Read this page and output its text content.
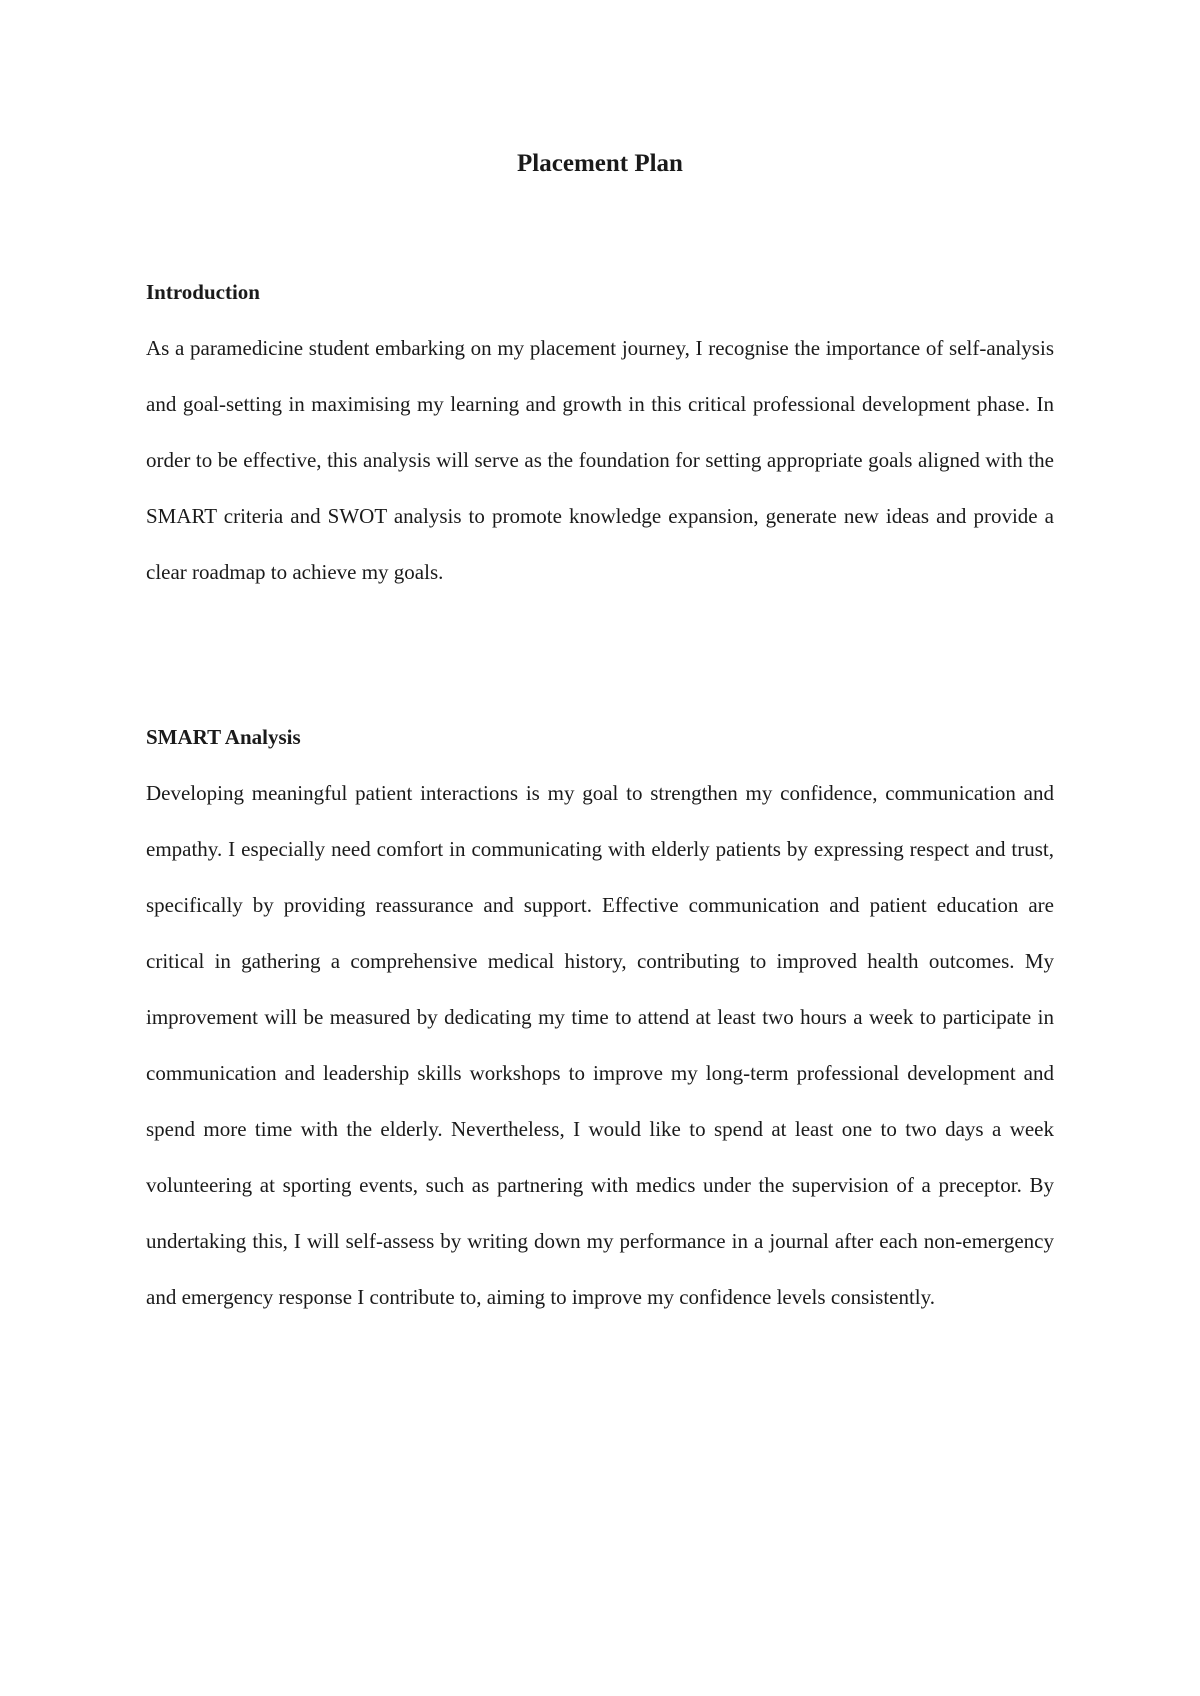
Placement Plan
Introduction

As a paramedicine student embarking on my placement journey, I recognise the importance of self-analysis and goal-setting in maximising my learning and growth in this critical professional development phase. In order to be effective, this analysis will serve as the foundation for setting appropriate goals aligned with the SMART criteria and SWOT analysis to promote knowledge expansion, generate new ideas and provide a clear roadmap to achieve my goals.

SMART Analysis

Developing meaningful patient interactions is my goal to strengthen my confidence, communication and empathy. I especially need comfort in communicating with elderly patients by expressing respect and trust, specifically by providing reassurance and support. Effective communication and patient education are critical in gathering a comprehensive medical history, contributing to improved health outcomes. My improvement will be measured by dedicating my time to attend at least two hours a week to participate in communication and leadership skills workshops to improve my long-term professional development and spend more time with the elderly. Nevertheless, I would like to spend at least one to two days a week volunteering at sporting events, such as partnering with medics under the supervision of a preceptor. By undertaking this, I will self-assess by writing down my performance in a journal after each non-emergency and emergency response I contribute to, aiming to improve my confidence levels consistently.
